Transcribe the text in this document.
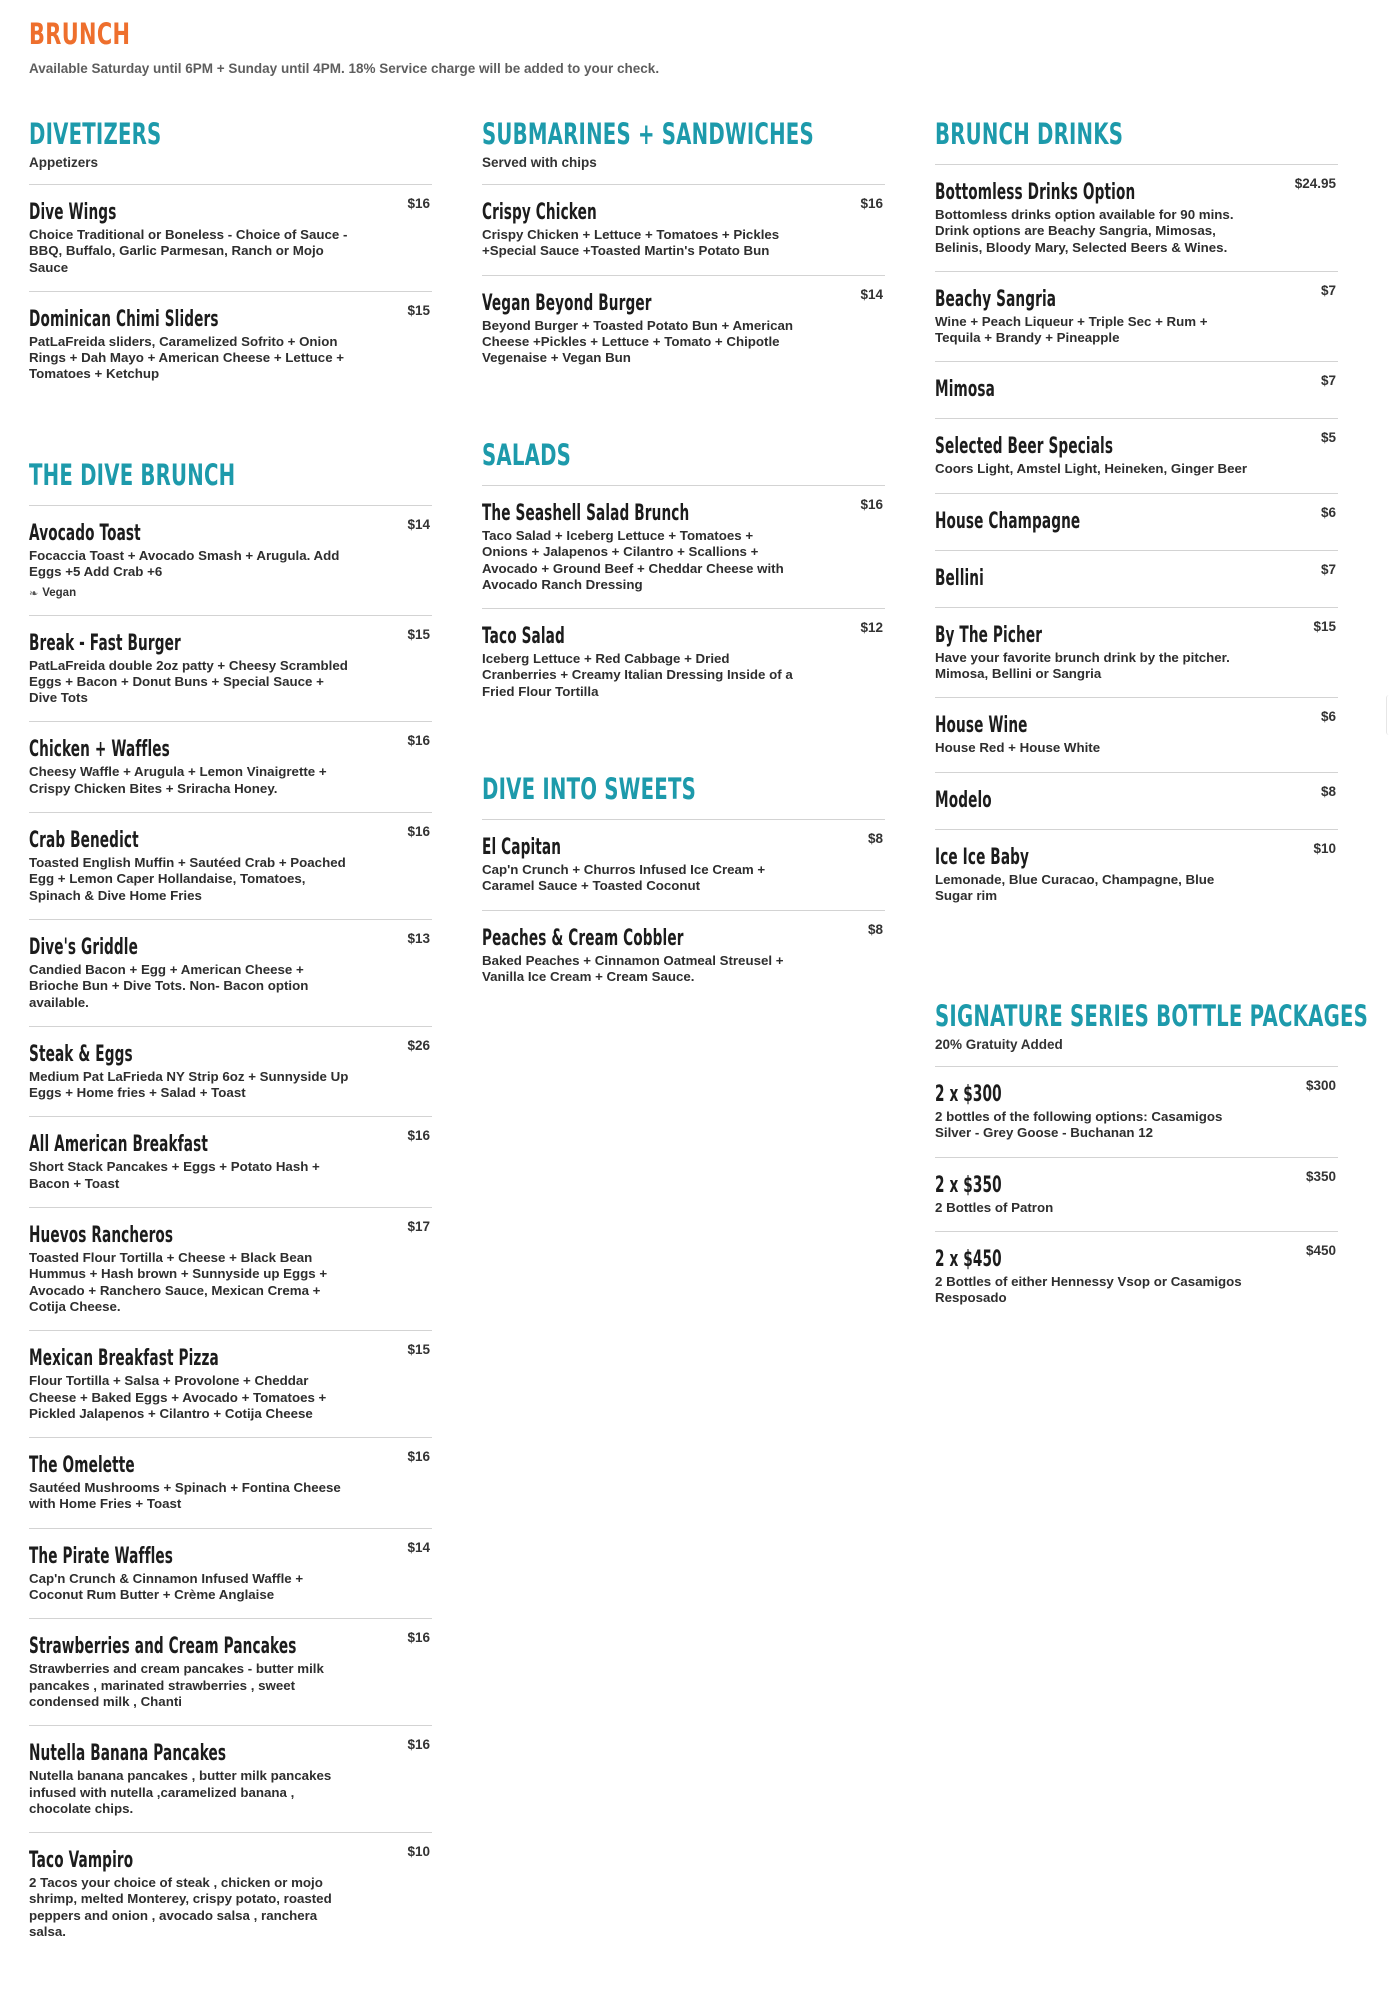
BRUNCH

Available Saturday until 6PM + Sunday until 4PM. 18% Service charge will be added to your check.

DIVETIZERS

Appetizers

Dive Wings	$16

Choice Traditional or Boneless - Choice of Sauce - BBQ, Buffalo, Garlic Parmesan, Ranch or Mojo Sauce

Dominican Chimi Sliders	$15

PatLaFreida sliders, Caramelized Sofrito + Onion Rings + Dah Mayo + American Cheese + Lettuce + Tomatoes + Ketchup

THE DIVE BRUNCH
Avocado Toast	$14

Focaccia Toast + Avocado Smash + Arugula. Add Eggs +5 Add Crab +6

❧ Vegan
Break - Fast Burger	$15

PatLaFreida double 2oz patty + Cheesy Scrambled Eggs + Bacon + Donut Buns + Special Sauce + Dive Tots

Chicken + Waffles	$16

Cheesy Waffle + Arugula + Lemon Vinaigrette + Crispy Chicken Bites + Sriracha Honey.

Crab Benedict	$16

Toasted English Muffin + Sautéed Crab + Poached Egg + Lemon Caper Hollandaise, Tomatoes, Spinach & Dive Home Fries

Dive's Griddle	$13

Candied Bacon + Egg + American Cheese + Brioche Bun + Dive Tots. Non- Bacon option available.

Steak & Eggs	$26

Medium Pat LaFrieda NY Strip 6oz + Sunnyside Up Eggs + Home fries + Salad + Toast

All American Breakfast	$16

Short Stack Pancakes + Eggs + Potato Hash + Bacon + Toast

Huevos Rancheros	$17

Toasted Flour Tortilla + Cheese + Black Bean Hummus + Hash brown + Sunnyside up Eggs + Avocado + Ranchero Sauce, Mexican Crema + Cotija Cheese.

Mexican Breakfast Pizza	$15

Flour Tortilla + Salsa + Provolone + Cheddar Cheese + Baked Eggs + Avocado + Tomatoes + Pickled Jalapenos + Cilantro + Cotija Cheese

The Omelette	$16

Sautéed Mushrooms + Spinach + Fontina Cheese with Home Fries + Toast

The Pirate Waffles	$14

Cap'n Crunch & Cinnamon Infused Waffle + Coconut Rum Butter + Crème Anglaise

Strawberries and Cream Pancakes	$16

Strawberries and cream pancakes - butter milk pancakes , marinated strawberries , sweet condensed milk , Chanti

Nutella Banana Pancakes	$16

Nutella banana pancakes , butter milk pancakes infused with nutella ,caramelized banana , chocolate chips.

Taco Vampiro	$10

2 Tacos your choice of steak , chicken or mojo shrimp, melted Monterey, crispy potato, roasted peppers and onion , avocado salsa , ranchera salsa.

SUBMARINES + SANDWICHES

Served with chips

Crispy Chicken	$16

Crispy Chicken + Lettuce + Tomatoes + Pickles +Special Sauce +Toasted Martin's Potato Bun

Vegan Beyond Burger	$14

Beyond Burger + Toasted Potato Bun + American Cheese +Pickles + Lettuce + Tomato + Chipotle Vegenaise + Vegan Bun

SALADS
The Seashell Salad Brunch	$16

Taco Salad + Iceberg Lettuce + Tomatoes + Onions + Jalapenos + Cilantro + Scallions + Avocado + Ground Beef + Cheddar Cheese with Avocado Ranch Dressing

Taco Salad	$12

Iceberg Lettuce + Red Cabbage + Dried Cranberries + Creamy Italian Dressing Inside of a Fried Flour Tortilla

DIVE INTO SWEETS
El Capitan	$8

Cap'n Crunch + Churros Infused Ice Cream + Caramel Sauce + Toasted Coconut

Peaches & Cream Cobbler	$8

Baked Peaches + Cinnamon Oatmeal Streusel + Vanilla Ice Cream + Cream Sauce.

BRUNCH DRINKS
Bottomless Drinks Option	$24.95

Bottomless drinks option available for 90 mins. Drink options are Beachy Sangria, Mimosas, Belinis, Bloody Mary, Selected Beers & Wines.

Beachy Sangria	$7

Wine + Peach Liqueur + Triple Sec + Rum + Tequila + Brandy + Pineapple

Mimosa	$7
Selected Beer Specials	$5

Coors Light, Amstel Light, Heineken, Ginger Beer

House Champagne	$6
Bellini	$7
By The Picher	$15

Have your favorite brunch drink by the pitcher. Mimosa, Bellini or Sangria

House Wine	$6

House Red + House White

Modelo	$8
Ice Ice Baby	$10

Lemonade, Blue Curacao, Champagne, Blue Sugar rim

SIGNATURE SERIES BOTTLE PACKAGES

20% Gratuity Added

2 x $300	$300

2 bottles of the following options: Casamigos Silver - Grey Goose - Buchanan 12

2 x $350	$350

2 Bottles of Patron

2 x $450	$450

2 Bottles of either Hennessy Vsop or Casamigos Resposado
